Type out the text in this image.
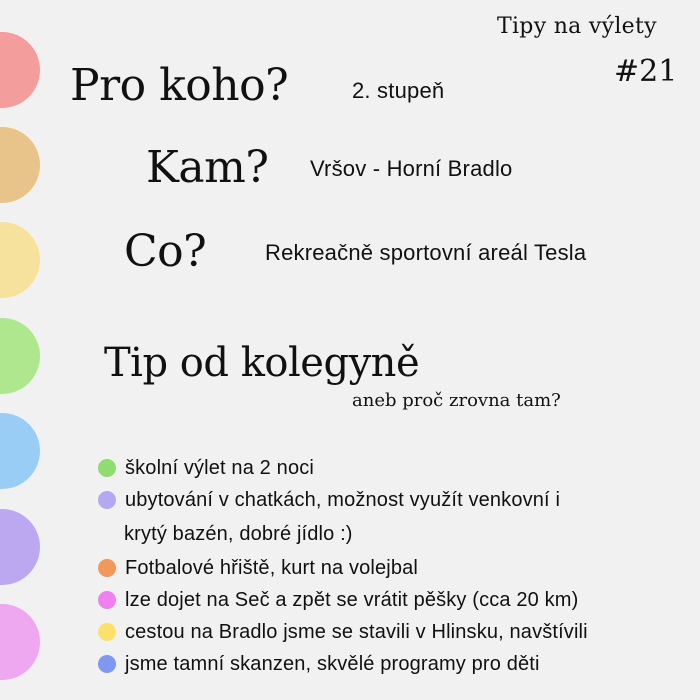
Tipy na výlety
#21
Pro koho?	2. stupeň
Kam? Vršov - Horní Bradlo
Co?	Rekreačně sportovní areál Tesla
Tip od kolegyně
aneb proč zrovna tam?
školní výlet na 2 noci
ubytování v chatkách, možnost využít venkovní i
krytý bazén, dobré jídlo :)
Fotbalové hřiště, kurt na volejbal
lze dojet na Seč a zpět se vrátit pěšky (cca 20 km)
cestou na Bradlo jsme se stavili v Hlinsku, navštívili
jsme tamní skanzen, skvělé programy pro děti
